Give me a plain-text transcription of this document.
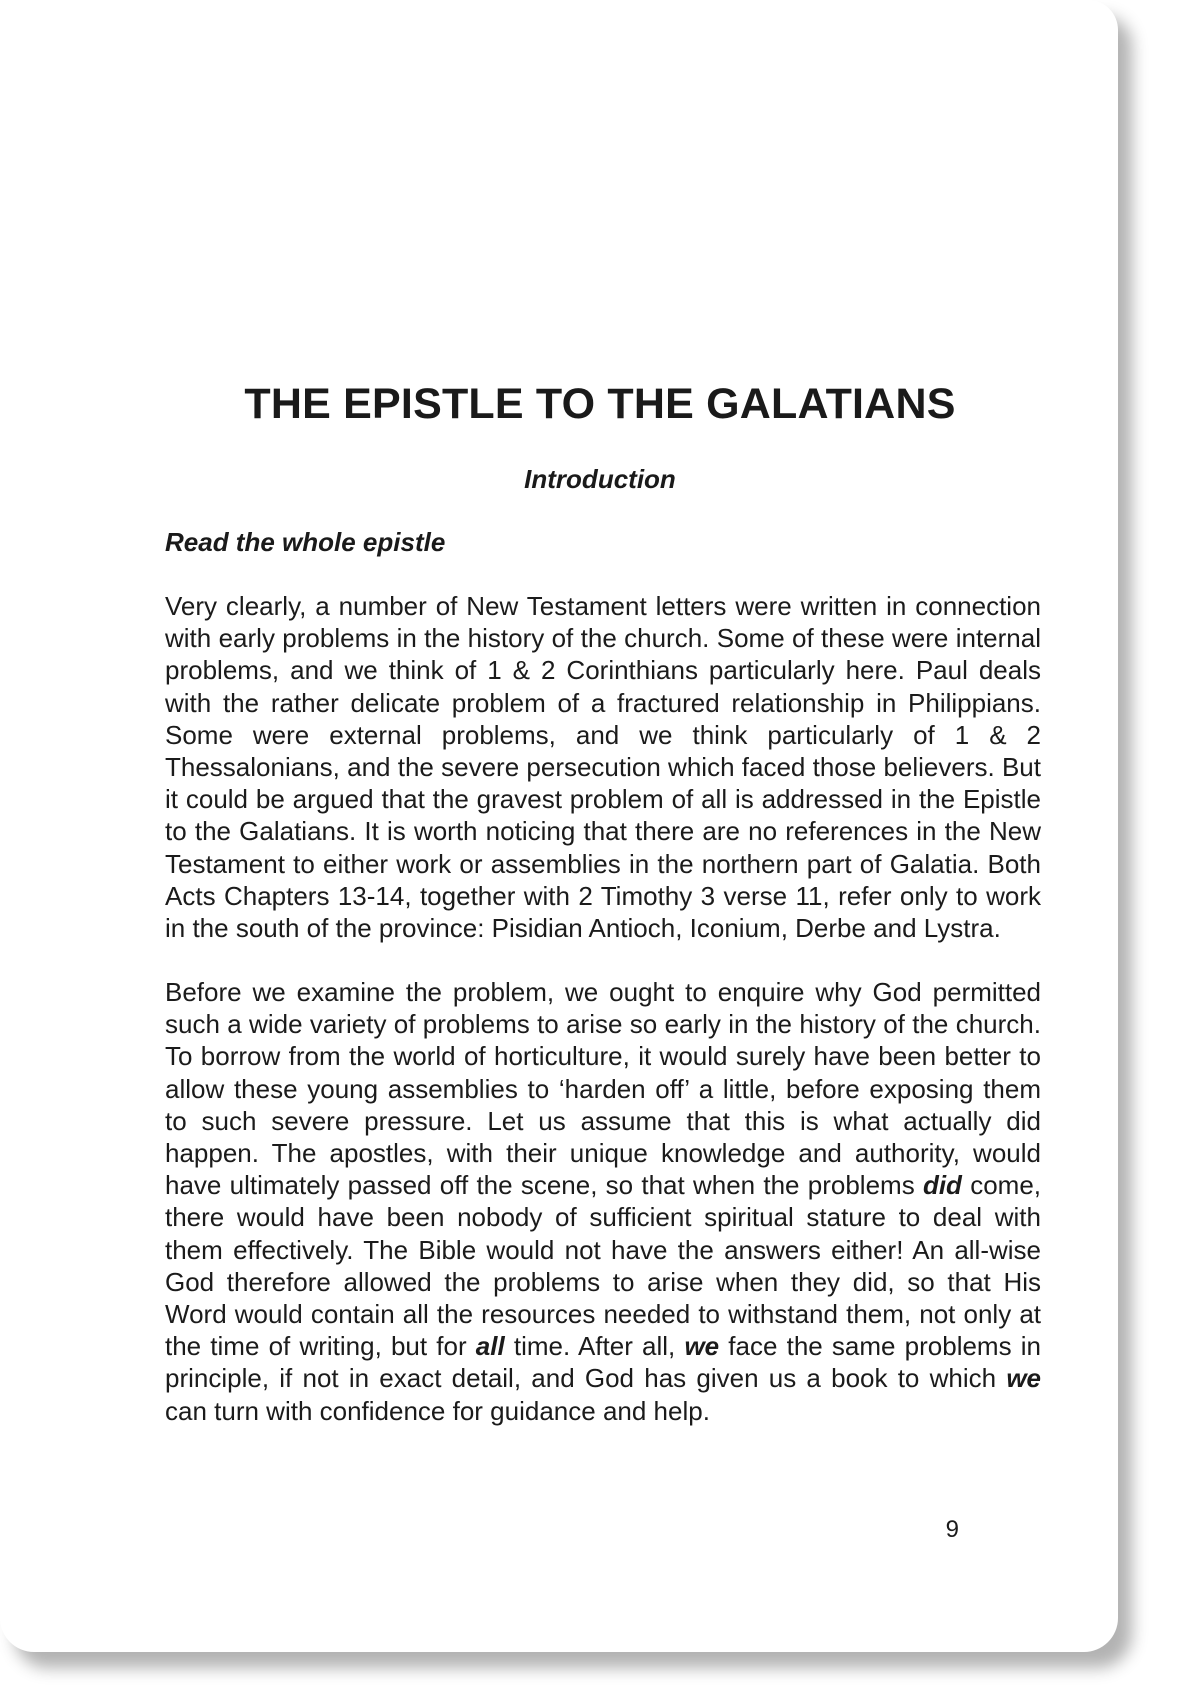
THE EPISTLE TO THE GALATIANS
Introduction
Read the whole epistle

Very clearly, a number of New Testament letters were written in connection with early problems in the history of the church. Some of these were internal problems, and we think of 1 & 2 Corinthians particularly here. Paul deals with the rather delicate problem of a fractured relationship in Philippians. Some were external problems, and we think particularly of 1 & 2 Thessalonians, and the severe persecution which faced those believers. But it could be argued that the gravest problem of all is addressed in the Epistle to the Galatians. It is worth noticing that there are no references in the New Testament to either work or assemblies in the northern part of Galatia. Both Acts Chapters 13-14, together with 2 Timothy 3 verse 11, refer only to work in the south of the province: Pisidian Antioch, Iconium, Derbe and Lystra.

Before we examine the problem, we ought to enquire why God permitted such a wide variety of problems to arise so early in the history of the church. To borrow from the world of horticulture, it would surely have been better to allow these young assemblies to ‘harden off’ a little, before exposing them to such severe pressure. Let us assume that this is what actually did happen. The apostles, with their unique knowledge and authority, would have ultimately passed off the scene, so that when the problems did come, there would have been nobody of sufficient spiritual stature to deal with them effectively. The Bible would not have the answers either! An all-wise God therefore allowed the problems to arise when they did, so that His Word would contain all the resources needed to withstand them, not only at the time of writing, but for all time. After all, we face the same problems in principle, if not in exact detail, and God has given us a book to which we can turn with confidence for guidance and help.

9
